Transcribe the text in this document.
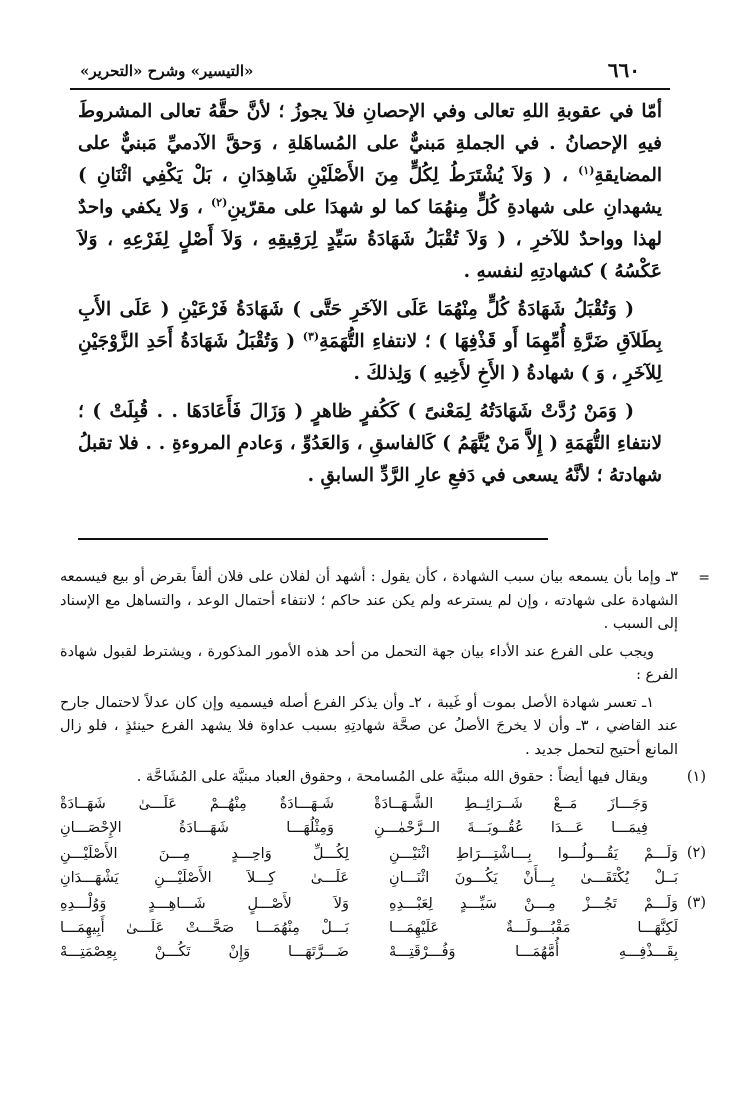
«التيسير» وشرح «التحرير»	٦٦٠

أمّا في عقوبةِ اللهِ تعالى وفي الإحصانِ فلاَ يجوزُ ؛ لأنَّ حقَّهُ تعالى المشروطَ فيهِ الإحصانُ . في الجملةِ مَبنيٌّ على المُساهَلةِ ، وَحقَّ الآدميِّ مَبنيٌّ على المضايقةِ$^{(١)}$ ، ( وَلاَ يُشْتَرَطُ لِكُلٍّ مِنَ الأَصْلَيْنِ شَاهِدَانِ ، بَلْ يَكْفِي اثْنَانِ ) يشهدانِ على شهادةِ كُلٍّ مِنهُمَا كما لو شهدَا على مقرّينِ$^{(٢)}$ ، وَلا يكفي واحدٌ لهذا وواحدٌ للآخرِ ، ( وَلاَ تُقْبَلُ شَهَادَةُ سَيِّدٍ لِرَقِيقِهِ ، وَلاَ أَصْلٍ لِفَرْعِهِ ، وَلاَ عَكْسُهُ ) كشهادتِهِ لنفسهِ .

( وَتُقْبَلُ شَهَادَةُ كُلٍّ مِنْهُمَا عَلَى الآخَرِ حَتَّى ) شَهَادَةُ فَرْعَيْنِ ( عَلَى الأَبِ بِطَلاَقِ ضَرَّةِ أُمِّهِمَا أَو قَذْفِهَا ) ؛ لانتفاءِ التُّهَمَةِ$^{(٣)}$ ( وَتُقْبَلُ شَهَادَةُ أَحَدِ الزَّوْجَيْنِ لِلآخَرِ ، وَ ) شهادةُ ( الأَخِ لأَخِيهِ ) وَلِذلكَ .

( وَمَنْ رُدَّتْ شَهَادَتُهُ لِمَعْنىً ) كَكُفرٍ ظاهرٍ ( وَزَالَ فَأَعَادَهَا . . قُبِلَتْ ) ؛ لانتفاءِ التُّهَمَةِ ( إِلاَّ مَنْ يُتَّهَمُ ) كَالفاسقِ ، وَالعَدُوِّ ، وَعادمِ المروءةِ . . فلا تقبلُ شهادتهُ ؛ لأنَّهُ يسعى في دَفعِ عارِ الرَّدِّ السابقِ .

=

٣ـ وإما بأن يسمعه بيان سبب الشهادة ، كأن يقول : أشهد أن لفلان على فلان ألفاً بقرض أو بيع فيسمعه الشهادة على شهادته ، وإن لم يسترعه ولم يكن عند حاكم ؛ لانتفاء أحتمال الوعد ، والتساهل مع الإسناد إلى السبب .

ويجب على الفرع عند الأداء بيان جهة التحمل من أحد هذه الأمور المذكورة ، ويشترط لقبول شهادة الفرع :

١ـ تعسر شهادة الأصل بموت أو غَيبة ، ٢ـ وأن يذكر الفرع أصله فيسميه وإن كان عدلاً لاحتمال جارح عند القاضي ، ٣ـ وأن لا يخرجَ الأصلُ عن صحَّة شهادتِهِ بسبب عداوة فلا يشهد الفرع حينئذٍ ، فلو زال المانع أحتيج لتحمل جديد .

(١)
ويقال فيها أيضاً : حقوق الله مبنيَّة على المُسامحة ، وحقوق العباد مبنيَّة على المُشَاحَّة .
وَجَـــازَ مَــعْ شَــرَائِــطِ الشَّـهَــادَةْ
شَـهَـــادَةٌ مِنْهُــمْ عَلَـــىٰ شَهَــادَةْ
فِيمَـــا عَـــدَا عُقُــوبَـــةَ الــرَّحْمٰـــنِ
وَمِثْلُهَـــا شَهَـــادَةُ الإِحْصَـــانِ
(٢)
وَلَـــمْ يَقُـــولُـــوا بِـــاشْتِـــرَاطِ اثْنَيْـــنِ
لِكُـــلِّ وَاحِـــدٍ مِـــنَ الأَصْلَيْـــنِ
بَــلْ يُكْتَفَـــىٰ بِـــأَنْ يَكُـــونَ اثْنَـــانِ
عَلَـــىٰ كِـــلاَ الأَصْلَيْـــنِ يَشْهَـــدَانِ
(٣)
وَلَـــمْ تَجُـــزْ مِـــنْ سَيِّـــدٍ لِعَبْـــدِهِ
وَلاَ لأَصْـــلٍ شَـــاهِـــدٍ وَوُلْـــدِهِ
لَكِنَّهَـــا مَقْبُـــولَـــةٌ عَلَيْهِمَـــا
بَـــلْ مِنْهُمَـــا صَحَّـــتْ عَلَـــىٰ أَبِيهِمَـــا
بِقَـــذْفِـــهِ أُمَّهُمَـــا وَفُـــرْقَتِـــهْ
ضَـــرَّتَهَـــا وَإِنْ تَكُـــنْ بِعِصْمَتِـــهْ
